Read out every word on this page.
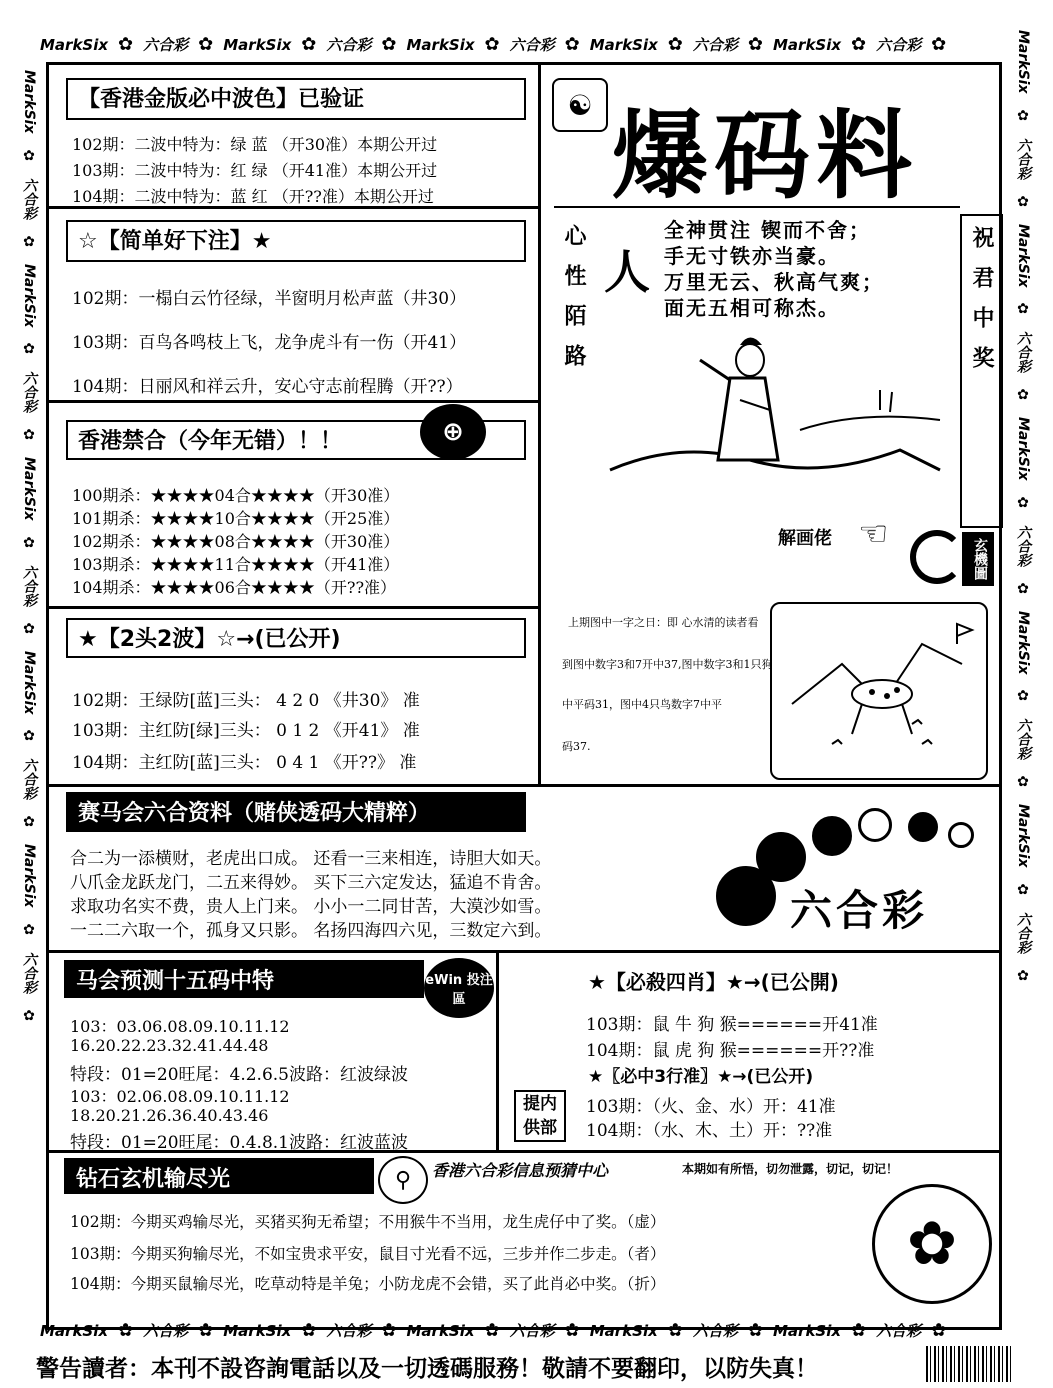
MarkSix ✿ 六合彩 ✿ MarkSix ✿ 六合彩 ✿ MarkSix ✿ 六合彩 ✿ MarkSix ✿ 六合彩 ✿ MarkSix ✿ 六合彩 ✿
MarkSix ✿ 六合彩 ✿ MarkSix ✿ 六合彩 ✿ MarkSix ✿ 六合彩 ✿ MarkSix ✿ 六合彩 ✿ MarkSix ✿ 六合彩 ✿
MarkSix
✿
六合彩
✿
MarkSix
✿
六合彩
✿
MarkSix
✿
六合彩
✿
MarkSix
✿
六合彩
✿
MarkSix
✿
六合彩
✿
MarkSix
✿
六合彩
✿
MarkSix
✿
六合彩
✿
MarkSix
✿
六合彩
✿
MarkSix
✿
六合彩
✿
MarkSix
✿
六合彩
✿
【香港金版必中波色】已验证
102期：二波中特为：绿 蓝 （开30准）本期公开过
103期：二波中特为：红 绿 （开41准）本期公开过
104期：二波中特为：蓝 红 （开??准）本期公开过
☆【简单好下注】★
102期：一榻白云竹径绿，半窗明月松声蓝（井30）
103期：百鸟各鸣枝上飞，龙争虎斗有一伤（开41）
104期：日丽风和祥云升，安心守志前程腾（开??）
香港禁合（今年无错）！！	⊕
100期杀：★★★★04合★★★★（开30准）
101期杀：★★★★10合★★★★（开25准）
102期杀：★★★★08合★★★★（开30准）
103期杀：★★★★11合★★★★（开41准）
104期杀：★★★★06合★★★★（开??准）
★【2头2波】☆→(已公开)
102期：王绿防[蓝]三头： 4 2 0 《井30》 准
103期：主红防[绿]三头： 0 1 2 《开41》 准
104期：主红防[蓝]三头： 0 4 1 《开??》 准
☯ 爆码料
心性陌路	祝君中奖
人
全神贯注 锲而不舍；
手无寸铁亦当豪。
万里无云、秋高气爽；
面无五相可称杰。
解画佬 ☜
玄機圖
上期图中一字之日：即 心水清的读者看
到图中数字3和7开中37,图中数字3和1只狗
中平码31，图中4只鸟数字7中平
码37.
赛马会六合资料（赌侠透码大精粹）
合二为一添横财，老虎出口成。 还看一三来相连，诗胆大如天。
八爪金龙跃龙门，二五来得妙。 买下三六定发达，猛追不肯舍。
求取功名实不费，贵人上门来。 小小一二同甘苦，大漠沙如雪。
一二二六取一个，孤身又只影。 名扬四海四六见，三数定六到。	六合彩
马会预测十五码中特	eWin 投注區
103：03.06.08.09.10.11.12
16.20.22.23.32.41.44.48
特段：01=20旺尾：4.2.6.5波路：红波绿波
103：02.06.08.09.10.11.12
18.20.21.26.36.40.43.46
特段：01=20旺尾：0.4.8.1波路：红波蓝波
★【必殺四肖】★→(已公開)
103期：鼠 牛 狗 猴======开41准
104期：鼠 虎 狗 猴======开??准
★〖必中3行准〗★→(已公开)
103期：（火、金、水）开：41准
104期：（水、木、土）开：??准
提内供部
钻石玄机输尽光	⚲	香港六合彩信息预猜中心	本期如有所悟，切勿泄露，切记，切记！
102期：今期买鸡输尽光，买猪买狗无希望；不用猴牛不当用，龙生虎仔中了奖。（虚）
103期：今期买狗输尽光，不如宝贵求平安，鼠目寸光看不远，三步并作二步走。（者）
104期：今期买鼠输尽光，吃草动特是羊兔；小防龙虎不会错，买了此肖必中奖。（折）
✿
警告讀者：本刊不設咨詢電話以及一切透碼服務！敬請不要翻印，以防失真！
